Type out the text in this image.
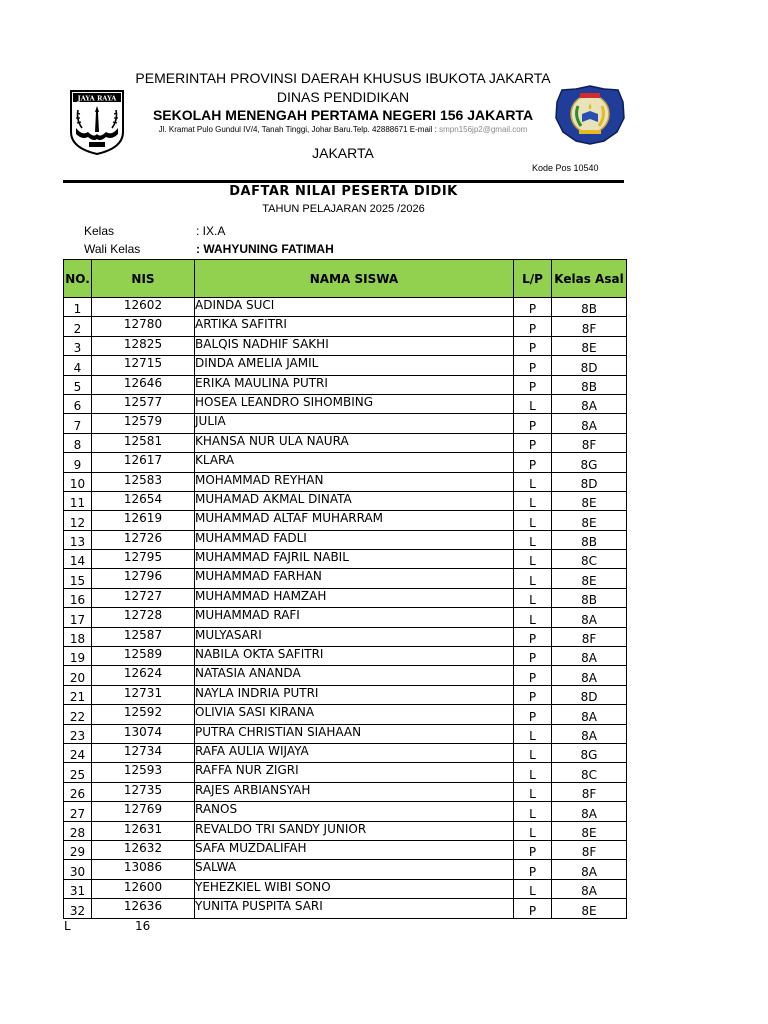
JAYA RAYA
PEMERINTAH PROVINSI DAERAH KHUSUS IBUKOTA JAKARTA
DINAS PENDIDIKAN
SEKOLAH MENENGAH PERTAMA NEGERI 156 JAKARTA
Jl. Kramat Pulo Gundul IV/4, Tanah Tinggi, Johar Baru.Telp. 42888671 E-mail : smpn156jp2@gmail.com
JAKARTA
Kode Pos 10540
DAFTAR NILAI PESERTA DIDIK
TAHUN PELAJARAN 2025 /2026
Kelas	: IX.A
Wali Kelas	: WAHYUNING FATIMAH
NO.	NIS	NAMA SISWA	L/P	Kelas Asal
1	12602	ADINDA SUCI	P	8B
2	12780	ARTIKA SAFITRI	P	8F
3	12825	BALQIS NADHIF SAKHI	P	8E
4	12715	DINDA AMELIA JAMIL	P	8D
5	12646	ERIKA MAULINA PUTRI	P	8B
6	12577	HOSEA LEANDRO SIHOMBING	L	8A
7	12579	JULIA	P	8A
8	12581	KHANSA NUR ULA NAURA	P	8F
9	12617	KLARA	P	8G
10	12583	MOHAMMAD REYHAN	L	8D
11	12654	MUHAMAD AKMAL DINATA	L	8E
12	12619	MUHAMMAD ALTAF MUHARRAM	L	8E
13	12726	MUHAMMAD FADLI	L	8B
14	12795	MUHAMMAD FAJRIL NABIL	L	8C
15	12796	MUHAMMAD FARHAN	L	8E
16	12727	MUHAMMAD HAMZAH	L	8B
17	12728	MUHAMMAD RAFI	L	8A
18	12587	MULYASARI	P	8F
19	12589	NABILA OKTA SAFITRI	P	8A
20	12624	NATASIA ANANDA	P	8A
21	12731	NAYLA INDRIA PUTRI	P	8D
22	12592	OLIVIA SASI KIRANA	P	8A
23	13074	PUTRA CHRISTIAN SIAHAAN	L	8A
24	12734	RAFA AULIA WIJAYA	L	8G
25	12593	RAFFA NUR ZIGRI	L	8C
26	12735	RAJES ARBIANSYAH	L	8F
27	12769	RANOS	L	8A
28	12631	REVALDO TRI SANDY JUNIOR	L	8E
29	12632	SAFA MUZDALIFAH	P	8F
30	13086	SALWA	P	8A
31	12600	YEHEZKIEL WIBI SONO	L	8A
32	12636	YUNITA PUSPITA SARI	P	8E
L	16
